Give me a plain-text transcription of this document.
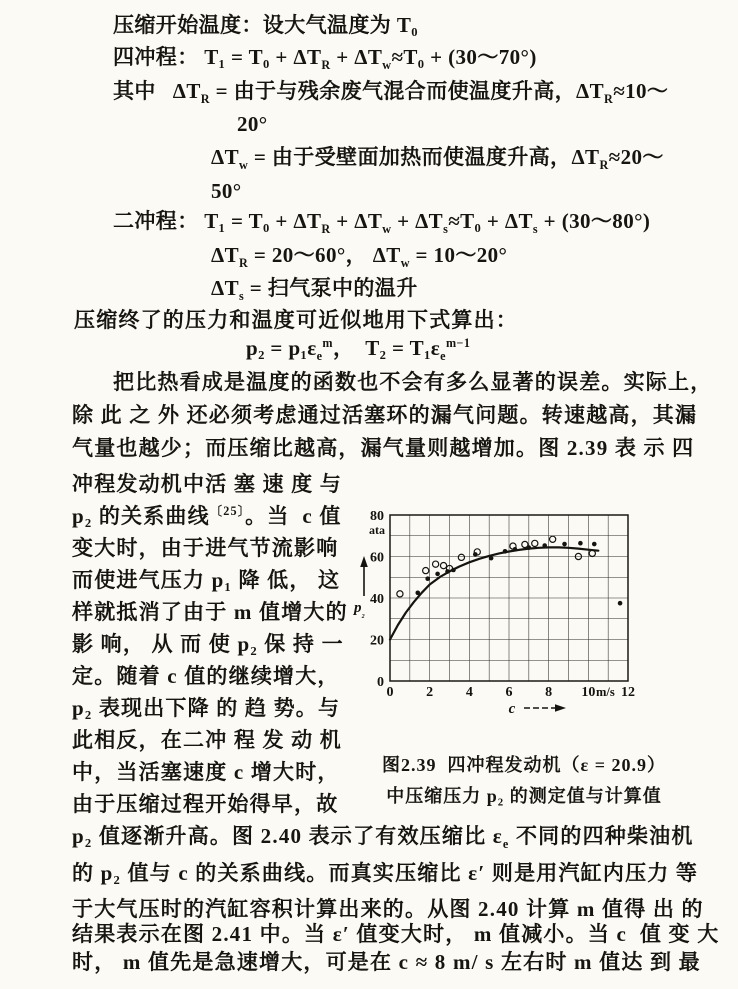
压缩开始温度：设大气温度为 T₀
四冲程： $T_1 = T_0 + \Delta T_R + \Delta T_w\approx T_0$ + (30～70°)
其中   $\Delta T_R$ = 由于与残余废气混合而使温度升高，$\Delta T_R\approx 10\sim$
20°
$\Delta T_w$ = 由于受壁面加热而使温度升高，$\Delta T_R\approx 20\sim$
50°
二冲程： $T_1 = T_0 + \Delta T_R + \Delta T_w + \Delta T_s\approx T_0 + \Delta T_s$ + (30～80°)
$\Delta T_R$ = 20～60°， $\Delta T_w$ = 10～20°
$\Delta T_s$ = 扫气泵中的温升
压缩终了的压力和温度可近似地用下式算出：
$p_2 = p_1\varepsilon_e^m$，  $T_2 = T_1\varepsilon_e^{m-1}$
把比热看成是温度的函数也不会有多么显著的误差。实际上，
除 此 之 外 还必须考虑通过活塞环的漏气问题。转速越高，其漏
气量也越少；而压缩比越高，漏气量则越增加。图 2.39 表 示 四
冲程发动机中活 塞 速 度 与
p₂ 的关系曲线$^{〔25〕}$。当  c 值
变大时，由于进气节流影响
而使进气压力 p₁ 降 低， 这
样就抵消了由于 m 值增大的
影 响， 从 而 使 p₂ 保 持 一
定。随着 c 值的继续增大，
p₂ 表现出下降 的 趋 势。与
此相反，在二冲 程 发 动 机
中，当活塞速度 c 增大时，
由于压缩过程开始得早，故
0
20
40
60
80
ata
0 2 4 6 8 10 12
m/s
$p_{_2}$
c
图2.39  四冲程发动机（ε = 20.9）
中压缩压力 p₂ 的测定值与计算值
p₂ 值逐渐升高。图 2.40 表示了有效压缩比 $\varepsilon_e$ 不同的四种柴油机
的 p₂ 值与 c 的关系曲线。而真实压缩比 ε′ 则是用汽缸内压力 等
于大气压时的汽缸容积计算出来的。从图 2.40 计算 m 值得 出 的
结果表示在图 2.41 中。当 ε′ 值变大时， m 值减小。当 c  值 变 大
时， m 值先是急速增大，可是在 c ≈ 8 m/ s 左右时 m 值达 到 最
